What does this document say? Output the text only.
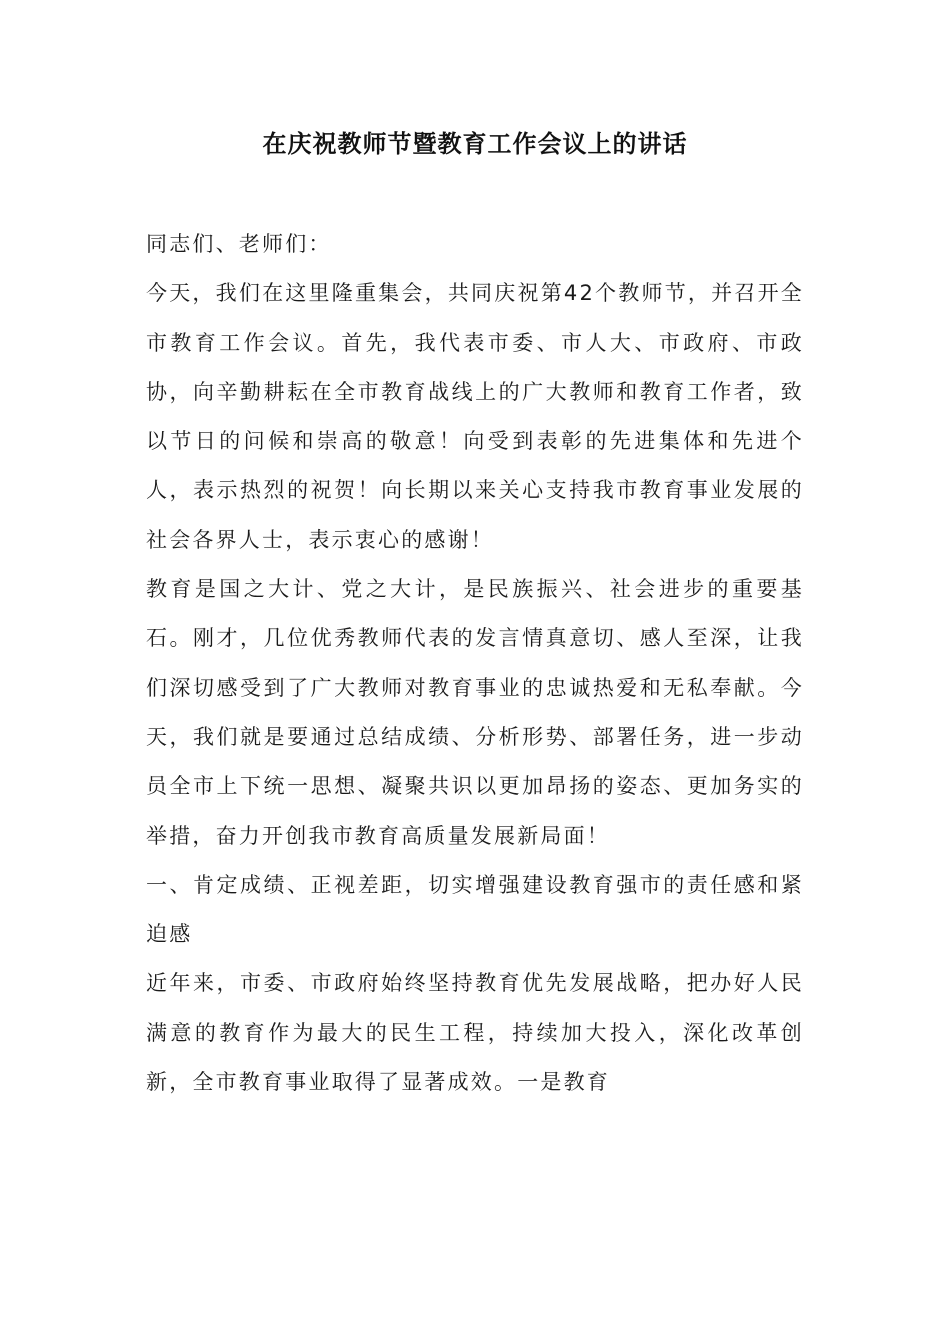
在庆祝教师节暨教育工作会议上的讲话

同志们、老师们：

今天，我们在这里隆重集会，共同庆祝第42个教师节，并召开全市教育工作会议。首先，我代表市委、市人大、市政府、市政协，向辛勤耕耘在全市教育战线上的广大教师和教育工作者，致以节日的问候和崇高的敬意！向受到表彰的先进集体和先进个人，表示热烈的祝贺！向长期以来关心支持我市教育事业发展的社会各界人士，表示衷心的感谢！

教育是国之大计、党之大计，是民族振兴、社会进步的重要基石。刚才，几位优秀教师代表的发言情真意切、感人至深，让我们深切感受到了广大教师对教育事业的忠诚热爱和无私奉献。今天，我们就是要通过总结成绩、分析形势、部署任务，进一步动员全市上下统一思想、凝聚共识以更加昂扬的姿态、更加务实的举措，奋力开创我市教育高质量发展新局面！

一、肯定成绩、正视差距，切实增强建设教育强市的责任感和紧迫感

近年来，市委、市政府始终坚持教育优先发展战略，把办好人民满意的教育作为最大的民生工程，持续加大投入，深化改革创新，全市教育事业取得了显著成效。一是教育
